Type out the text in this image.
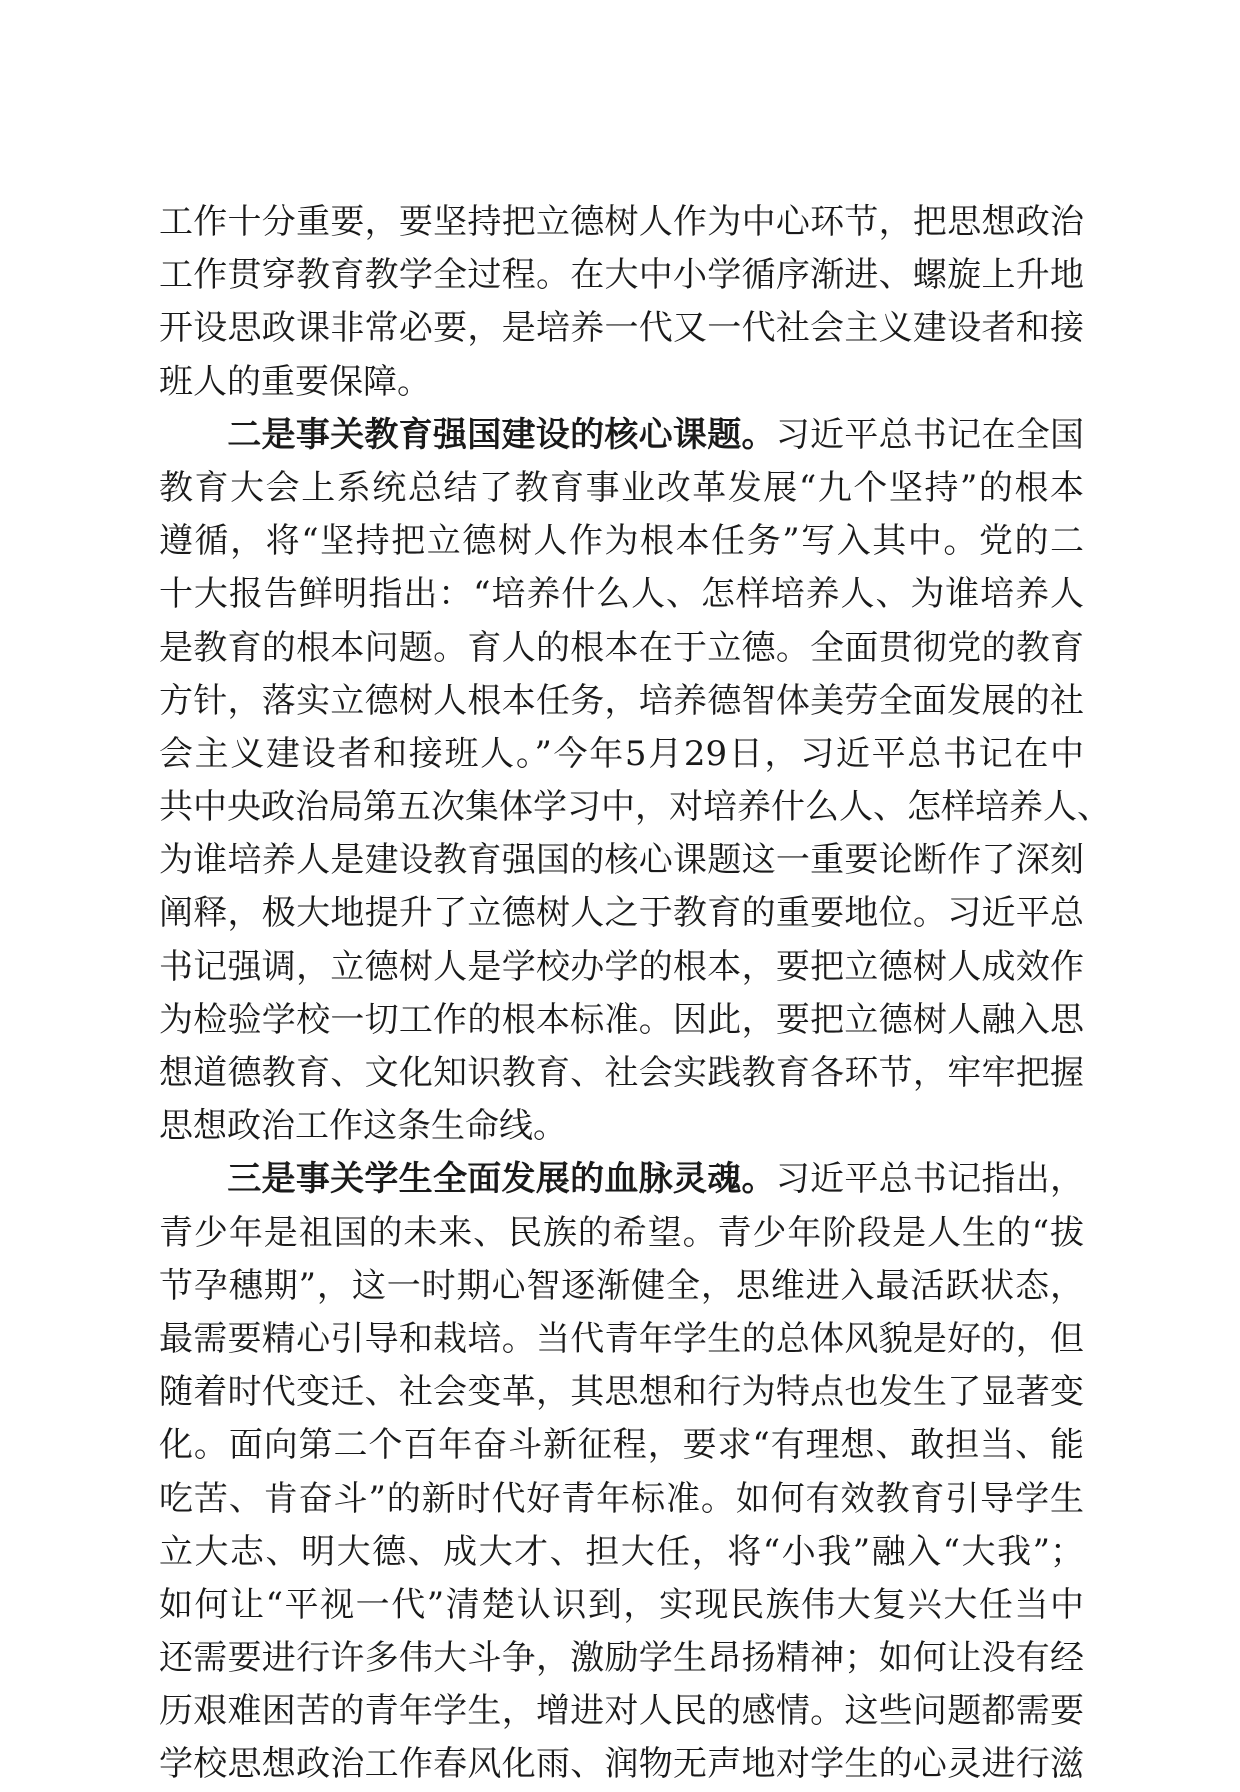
工作十分重要，要坚持把立德树人作为中心环节，把思想政治
工作贯穿教育教学全过程。在大中小学循序渐进、螺旋上升地
开设思政课非常必要，是培养一代又一代社会主义建设者和接
班人的重要保障。
二是事关教育强国建设的核心课题。习近平总书记在全国
教育大会上系统总结了教育事业改革发展“九个坚持”的根本
遵循，将“坚持把立德树人作为根本任务”写入其中。党的二
十大报告鲜明指出：“培养什么人、怎样培养人、为谁培养人
是教育的根本问题。育人的根本在于立德。全面贯彻党的教育
方针，落实立德树人根本任务，培养德智体美劳全面发展的社
会主义建设者和接班人。”今年5月29日，习近平总书记在中
共中央政治局第五次集体学习中，对培养什么人、怎样培养人、
为谁培养人是建设教育强国的核心课题这一重要论断作了深刻
阐释，极大地提升了立德树人之于教育的重要地位。习近平总
书记强调，立德树人是学校办学的根本，要把立德树人成效作
为检验学校一切工作的根本标准。因此，要把立德树人融入思
想道德教育、文化知识教育、社会实践教育各环节，牢牢把握
思想政治工作这条生命线。
三是事关学生全面发展的血脉灵魂。习近平总书记指出，
青少年是祖国的未来、民族的希望。青少年阶段是人生的“拔
节孕穗期”，这一时期心智逐渐健全，思维进入最活跃状态，
最需要精心引导和栽培。当代青年学生的总体风貌是好的，但
随着时代变迁、社会变革，其思想和行为特点也发生了显著变
化。面向第二个百年奋斗新征程，要求“有理想、敢担当、能
吃苦、肯奋斗”的新时代好青年标准。如何有效教育引导学生
立大志、明大德、成大才、担大任，将“小我”融入“大我”；
如何让“平视一代”清楚认识到，实现民族伟大复兴大任当中
还需要进行许多伟大斗争，激励学生昂扬精神；如何让没有经
历艰难困苦的青年学生，增进对人民的感情。这些问题都需要
学校思想政治工作春风化雨、润物无声地对学生的心灵进行滋
